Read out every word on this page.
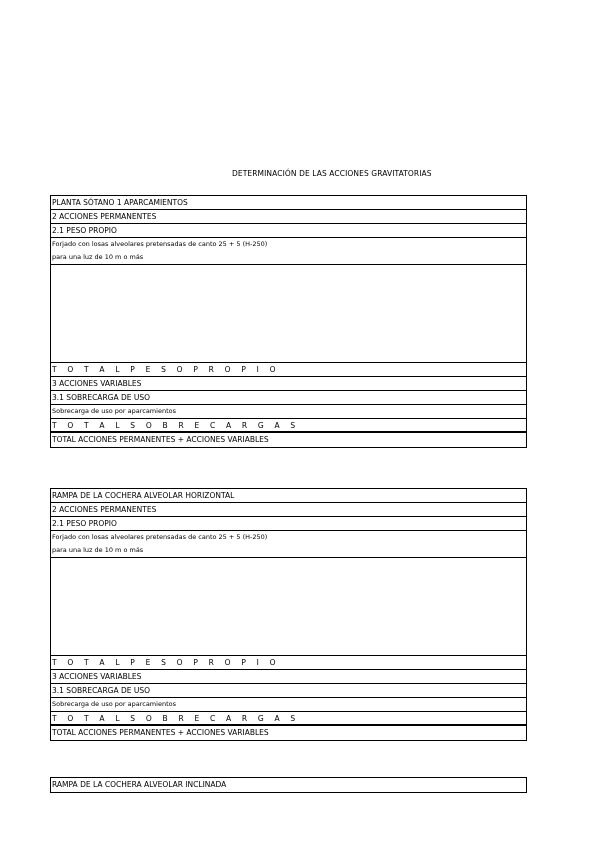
DETERMINACIÓN DE LAS ACCIONES GRAVITATORIAS
PLANTA SÓTANO 1 APARCAMIENTOS
2 ACCIONES PERMANENTES
2.1 PESO PROPIO
Forjado con losas alveolares pretensadas de canto 25 + 5 (H-250)
para una luz de 10 m o más
T O T A L P E S O P R O P I O
3 ACCIONES VARIABLES
3.1 SOBRECARGA DE USO
Sobrecarga de uso por aparcamientos
T O T A L S O B R E C A R G A S
TOTAL ACCIONES PERMANENTES + ACCIONES VARIABLES
RAMPA DE LA COCHERA ALVEOLAR HORIZONTAL
2 ACCIONES PERMANENTES
2.1 PESO PROPIO
Forjado con losas alveolares pretensadas de canto 25 + 5 (H-250)
para una luz de 10 m o más
T O T A L P E S O P R O P I O
3 ACCIONES VARIABLES
3.1 SOBRECARGA DE USO
Sobrecarga de uso por aparcamientos
T O T A L S O B R E C A R G A S
TOTAL ACCIONES PERMANENTES + ACCIONES VARIABLES
RAMPA DE LA COCHERA ALVEOLAR INCLINADA
